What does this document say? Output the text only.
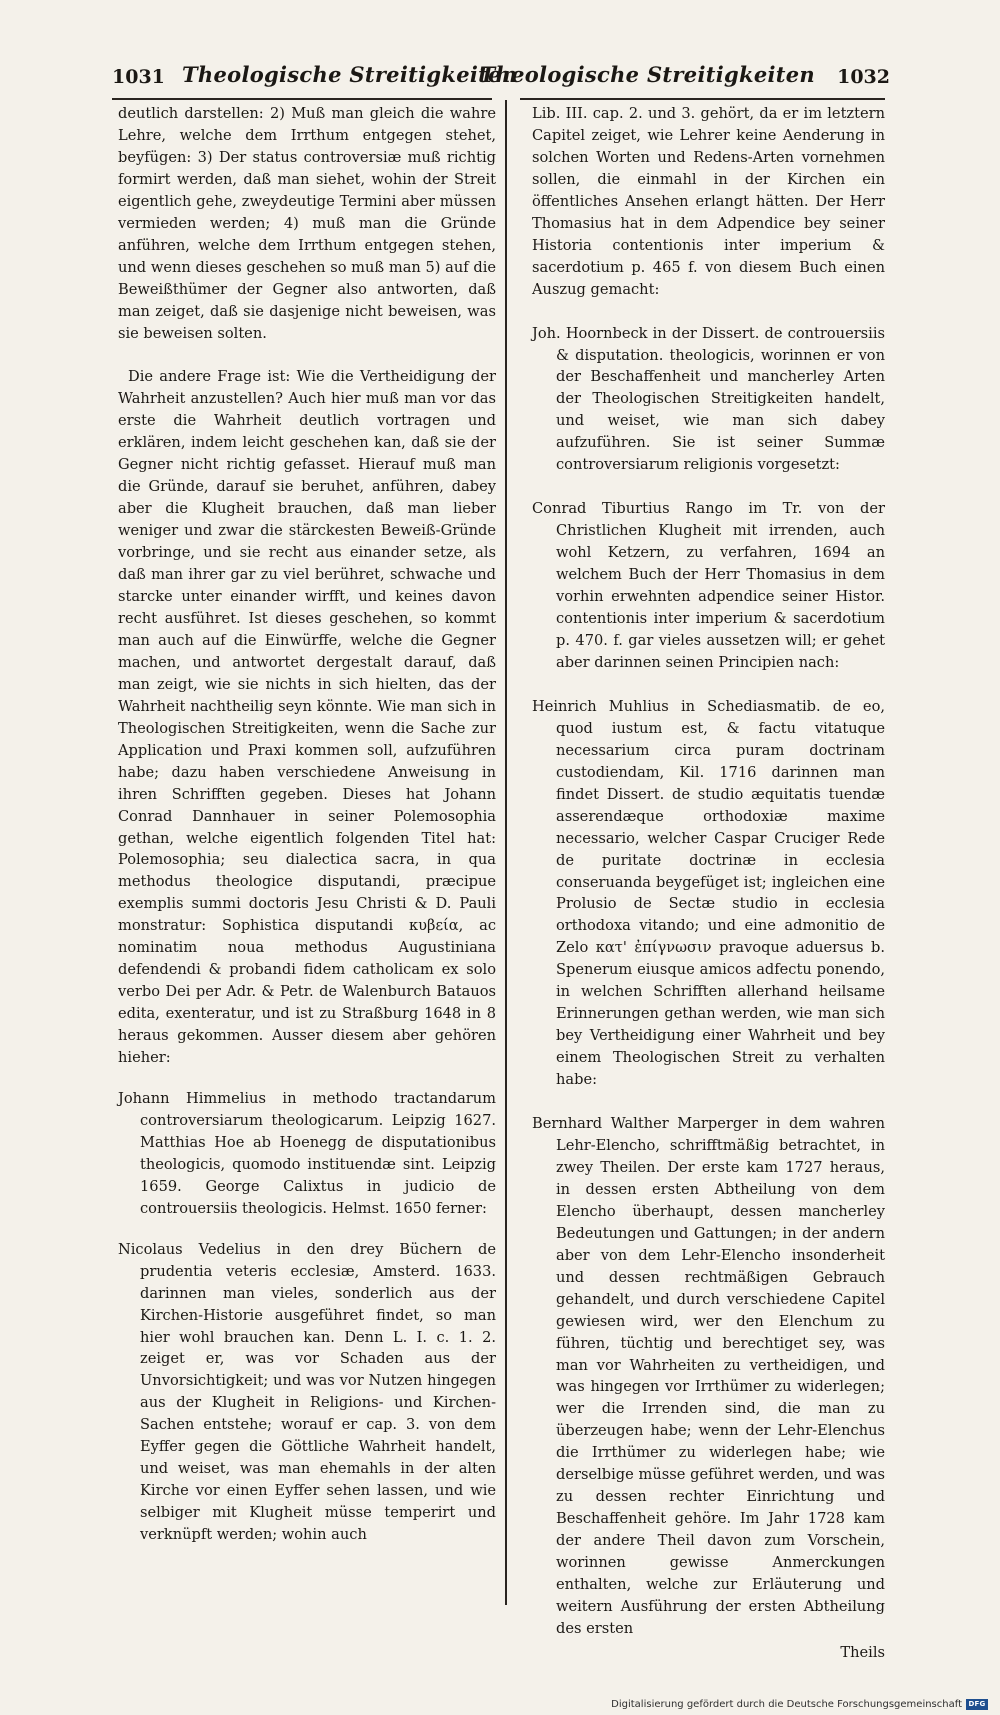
1031 Theologische Streitigkeiten
Theologische Streitigkeiten 1032

deutlich darstellen: 2) Muß man gleich die wahre Lehre, welche dem Irrthum entgegen stehet, beyfügen: 3) Der status controversiæ muß richtig formirt werden, daß man siehet, wohin der Streit eigentlich gehe, zweydeutige Termini aber müssen vermieden werden; 4) muß man die Gründe anführen, welche dem Irrthum entgegen stehen, und wenn dieses geschehen so muß man 5) auf die Beweißthümer der Gegner also antworten, daß man zeiget, daß sie dasjenige nicht beweisen, was sie beweisen solten.

Die andere Frage ist: Wie die Vertheidigung der Wahrheit anzustellen? Auch hier muß man vor das erste die Wahrheit deutlich vortragen und erklären, indem leicht geschehen kan, daß sie der Gegner nicht richtig gefasset. Hierauf muß man die Gründe, darauf sie beruhet, anführen, dabey aber die Klugheit brauchen, daß man lieber weniger und zwar die stärckesten Beweiß-Gründe vorbringe, und sie recht aus einander setze, als daß man ihrer gar zu viel berühret, schwache und starcke unter einander wirfft, und keines davon recht ausführet. Ist dieses geschehen, so kommt man auch auf die Einwürffe, welche die Gegner machen, und antwortet dergestalt darauf, daß man zeigt, wie sie nichts in sich hielten, das der Wahrheit nachtheilig seyn könnte. Wie man sich in Theologischen Streitigkeiten, wenn die Sache zur Application und Praxi kommen soll, aufzuführen habe; dazu haben verschiedene Anweisung in ihren Schrifften gegeben. Dieses hat Johann Conrad Dannhauer in seiner Polemosophia gethan, welche eigentlich folgenden Titel hat: Polemosophia; seu dialectica sacra, in qua methodus theologice disputandi, præcipue exemplis summi doctoris Jesu Christi & D. Pauli monstratur: Sophistica disputandi κυβεία, ac nominatim noua methodus Augustiniana defendendi & probandi fidem catholicam ex solo verbo Dei per Adr. & Petr. de Walenburch Batauos edita, exenteratur, und ist zu Straßburg 1648 in 8 heraus gekommen. Ausser diesem aber gehören hieher:

Johann Himmelius in methodo tractandarum controversiarum theologicarum. Leipzig 1627. Matthias Hoe ab Hoenegg de disputationibus theologicis, quomodo instituendæ sint. Leipzig 1659. George Calixtus in judicio de controuersiis theologicis. Helmst. 1650 ferner:

Nicolaus Vedelius in den drey Büchern de prudentia veteris ecclesiæ, Amsterd. 1633. darinnen man vieles, sonderlich aus der Kirchen-Historie ausgeführet findet, so man hier wohl brauchen kan. Denn L. I. c. 1. 2. zeiget er, was vor Schaden aus der Unvorsichtigkeit; und was vor Nutzen hingegen aus der Klugheit in Religions- und Kirchen-Sachen entstehe; worauf er cap. 3. von dem Eyffer gegen die Göttliche Wahrheit handelt, und weiset, was man ehemahls in der alten Kirche vor einen Eyffer sehen lassen, und wie selbiger mit Klugheit müsse temperirt und verknüpft werden; wohin auch

Lib. III. cap. 2. und 3. gehört, da er im letztern Capitel zeiget, wie Lehrer keine Aenderung in solchen Worten und Redens-Arten vornehmen sollen, die einmahl in der Kirchen ein öffentliches Ansehen erlangt hätten. Der Herr Thomasius hat in dem Adpendice bey seiner Historia contentionis inter imperium & sacerdotium p. 465 f. von diesem Buch einen Auszug gemacht:

Joh. Hoornbeck in der Dissert. de controuersiis & disputation. theologicis, worinnen er von der Beschaffenheit und mancherley Arten der Theologischen Streitigkeiten handelt, und weiset, wie man sich dabey aufzuführen. Sie ist seiner Summæ controversiarum religionis vorgesetzt:

Conrad Tiburtius Rango im Tr. von der Christlichen Klugheit mit irrenden, auch wohl Ketzern, zu verfahren, 1694 an welchem Buch der Herr Thomasius in dem vorhin erwehnten adpendice seiner Histor. contentionis inter imperium & sacerdotium p. 470. f. gar vieles aussetzen will; er gehet aber darinnen seinen Principien nach:

Heinrich Muhlius in Schediasmatib. de eo, quod iustum est, & factu vitatuque necessarium circa puram doctrinam custodiendam, Kil. 1716 darinnen man findet Dissert. de studio æquitatis tuendæ asserendæque orthodoxiæ maxime necessario, welcher Caspar Cruciger Rede de puritate doctrinæ in ecclesia conseruanda beygefüget ist; ingleichen eine Prolusio de Sectæ studio in ecclesia orthodoxa vitando; und eine admonitio de Zelo κατ' ἐπίγνωσιν pravoque aduersus b. Spenerum eiusque amicos adfectu ponendo, in welchen Schrifften allerhand heilsame Erinnerungen gethan werden, wie man sich bey Vertheidigung einer Wahrheit und bey einem Theologischen Streit zu verhalten habe:

Bernhard Walther Marperger in dem wahren Lehr-Elencho, schrifftmäßig betrachtet, in zwey Theilen. Der erste kam 1727 heraus, in dessen ersten Abtheilung von dem Elencho überhaupt, dessen mancherley Bedeutungen und Gattungen; in der andern aber von dem Lehr-Elencho insonderheit und dessen rechtmäßigen Gebrauch gehandelt, und durch verschiedene Capitel gewiesen wird, wer den Elenchum zu führen, tüchtig und berechtiget sey, was man vor Wahrheiten zu vertheidigen, und was hingegen vor Irrthümer zu widerlegen; wer die Irrenden sind, die man zu überzeugen habe; wenn der Lehr-Elenchus die Irrthümer zu widerlegen habe; wie derselbige müsse geführet werden, und was zu dessen rechter Einrichtung und Beschaffenheit gehöre. Im Jahr 1728 kam der andere Theil davon zum Vorschein, worinnen gewisse Anmerckungen enthalten, welche zur Erläuterung und weitern Ausführung der ersten Abtheilung des ersten

Theils

Digitalisierung gefördert durch die Deutsche Forschungsgemeinschaft DFG
